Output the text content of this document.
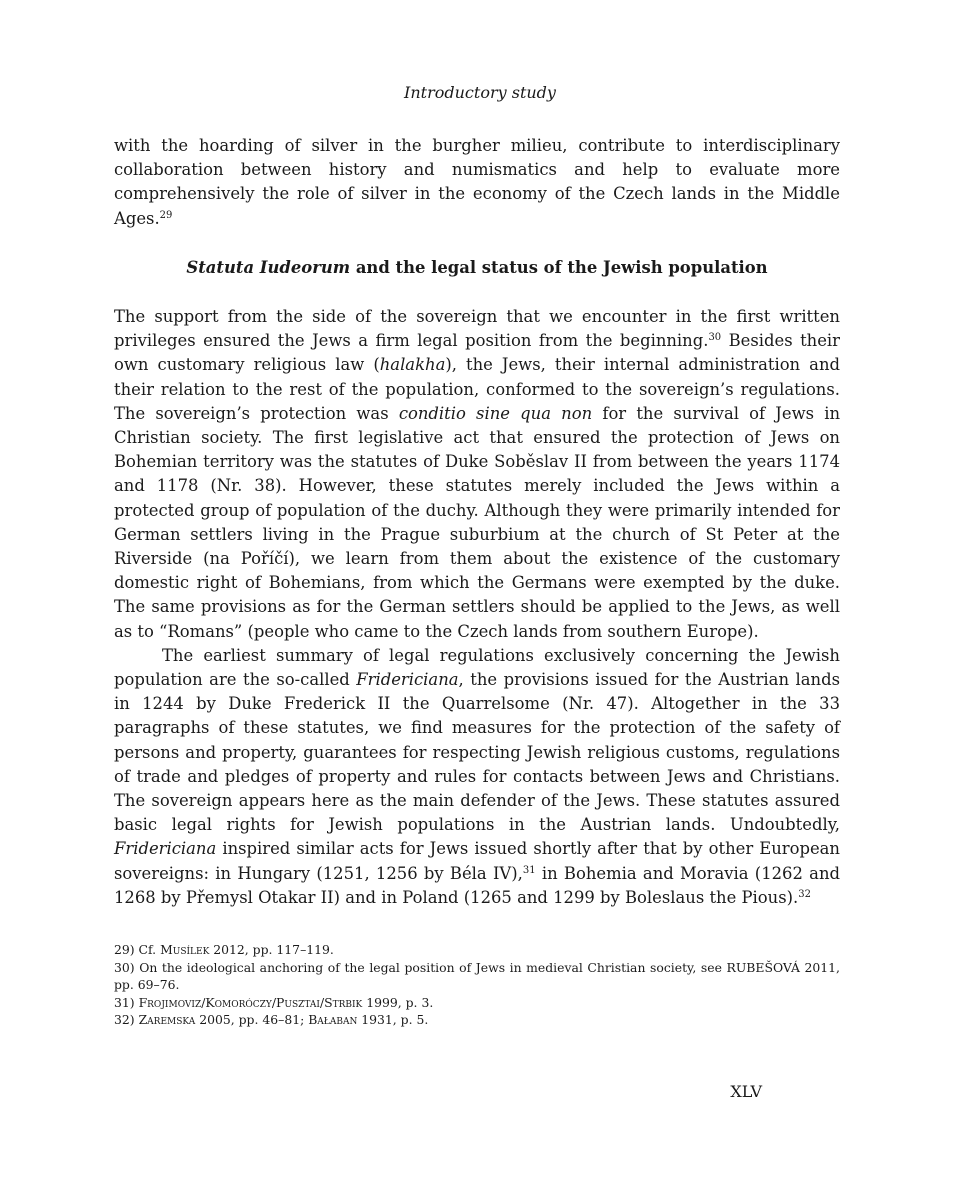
Introductory study

with the hoarding of silver in the burgher milieu, contribute to interdisciplinary collaboration between history and numismatics and help to evaluate more comprehensively the role of silver in the economy of the Czech lands in the Middle Ages.$^{29}$

Statuta Iudeorum and the legal status of the Jewish population

The support from the side of the sovereign that we encounter in the first written privileges ensured the Jews a firm legal position from the beginning.$^{30}$ Besides their own customary religious law (halakha), the Jews, their internal administration and their relation to the rest of the population, conformed to the sovereign’s regulations. The sovereign’s protection was conditio sine qua non for the survival of Jews in Christian society. The first legislative act that ensured the protection of Jews on Bohemian territory was the statutes of Duke Soběslav II from between the years 1174 and 1178 (Nr. 38). However, these statutes merely included the Jews within a protected group of population of the duchy. Although they were primarily intended for German settlers living in the Prague suburbium at the church of St Peter at the Riverside (na Poříčí), we learn from them about the existence of the customary domestic right of Bohemians, from which the Germans were exempted by the duke. The same provisions as for the German settlers should be applied to the Jews, as well as to “Romans” (people who came to the Czech lands from southern Europe).

The earliest summary of legal regulations exclusively concerning the Jewish population are the so-called Fridericiana, the provisions issued for the Austrian lands in 1244 by Duke Frederick II the Quarrelsome (Nr. 47). Altogether in the 33 paragraphs of these statutes, we find measures for the protection of the safety of persons and property, guarantees for respecting Jewish religious customs, regulations of trade and pledges of property and rules for contacts between Jews and Christians. The sovereign appears here as the main defender of the Jews. These statutes assured basic legal rights for Jewish populations in the Austrian lands. Undoubtedly, Fridericiana inspired similar acts for Jews issued shortly after that by other European sovereigns: in Hungary (1251, 1256 by Béla IV),$^{31}$ in Bohemia and Moravia (1262 and 1268 by Přemysl Otakar II) and in Poland (1265 and 1299 by Boleslaus the Pious).$^{32}$

29) Cf. Musílek 2012, pp. 117–119.

30) On the ideological anchoring of the legal position of Jews in medieval Christian society, see RUBEŠOVÁ 2011, pp. 69–76.

31) Frojimoviz/Komoróczy/Pusztai/Strbik 1999, p. 3.

32) Zaremska 2005, pp. 46–81; Bałaban 1931, p. 5.

XLV
